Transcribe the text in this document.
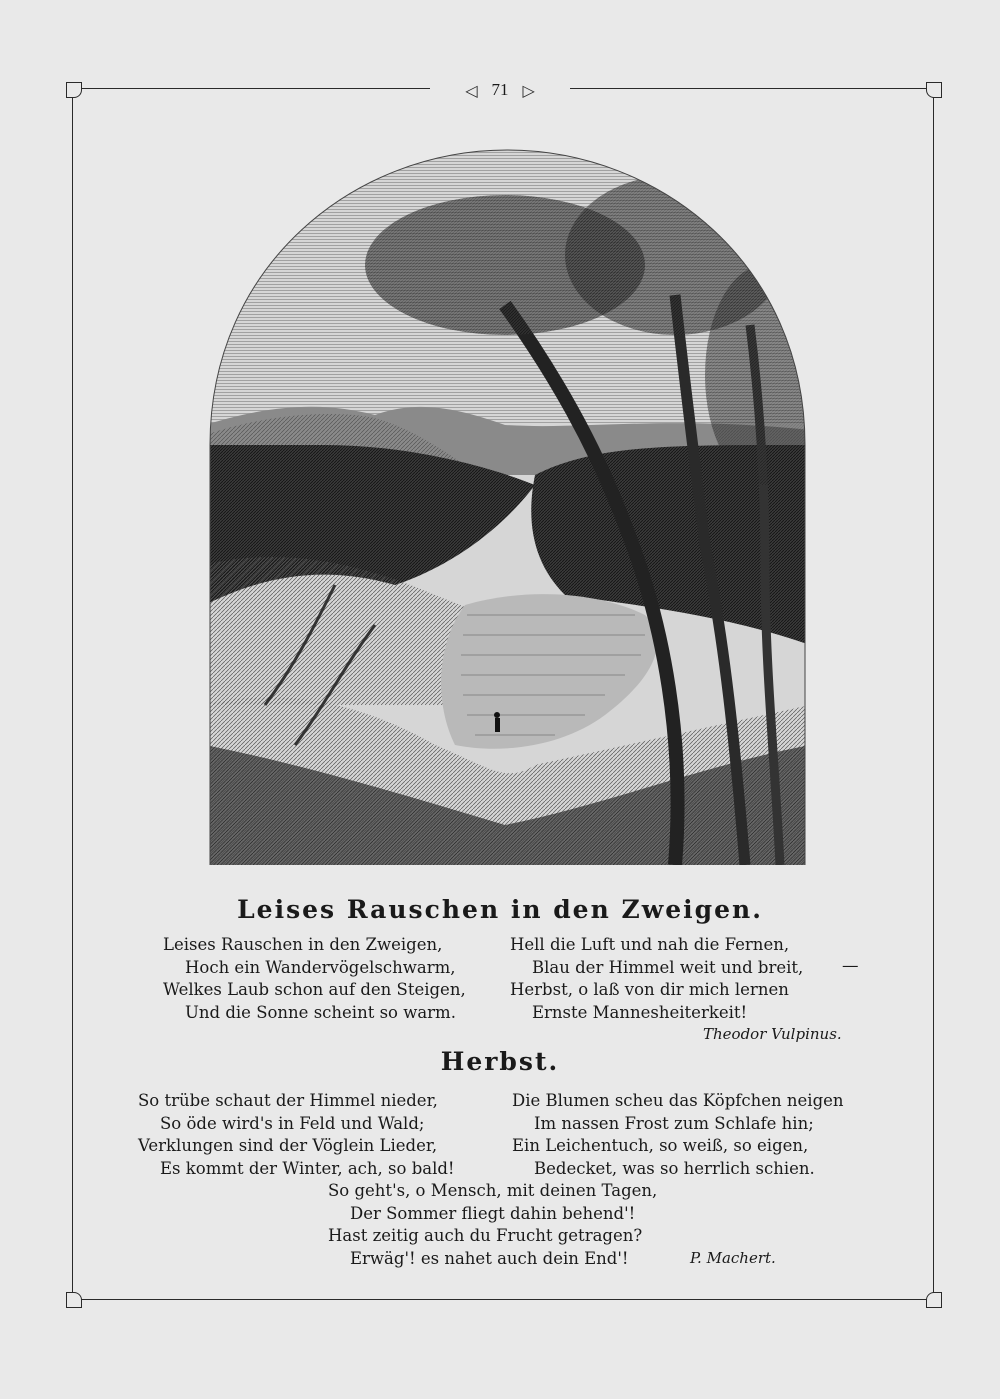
◁ 71 ▷
Leises Rauschen in den Zweigen.
Leises Rauschen in den Zweigen,
Hoch ein Wandervögelschwarm,
Welkes Laub schon auf den Steigen,
Und die Sonne scheint so warm.
Hell die Luft und nah die Fernen,
Blau der Himmel weit und breit,
Herbst, o laß von dir mich lernen
Ernste Mannesheiterkeit!
—
Theodor Vulpinus.
Herbst.
So trübe schaut der Himmel nieder,
So öde wird's in Feld und Wald;
Verklungen sind der Vöglein Lieder,
Es kommt der Winter, ach, so bald!
Die Blumen scheu das Köpfchen neigen
Im nassen Frost zum Schlafe hin;
Ein Leichentuch, so weiß, so eigen,
Bedecket, was so herrlich schien.
So geht's, o Mensch, mit deinen Tagen,
Der Sommer fliegt dahin behend'!
Hast zeitig auch du Frucht getragen?
Erwäg'! es nahet auch dein End'!	P. Machert.
